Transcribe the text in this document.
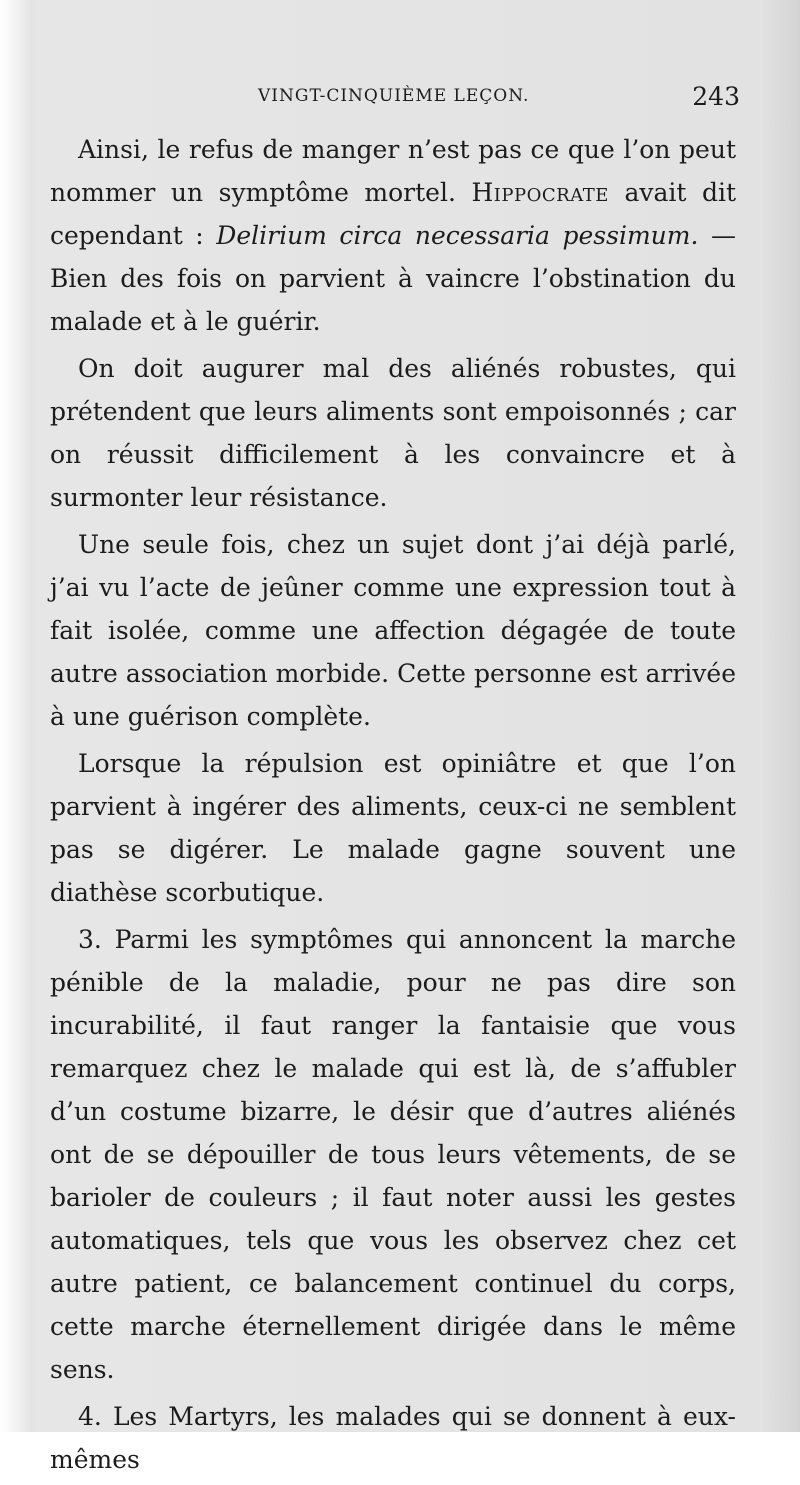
VINGT-CINQUIÈME LEÇON.	243

Ainsi, le refus de manger n’est pas ce que l’on peut nommer un symptôme mortel. Hippocrate avait dit cependant : Delirium circa necessaria pessimum. — Bien des fois on parvient à vaincre l’obstination du malade et à le guérir.

On doit augurer mal des aliénés robustes, qui prétendent que leurs aliments sont empoisonnés ; car on réussit difficilement à les convaincre et à surmonter leur résistance.

Une seule fois, chez un sujet dont j’ai déjà parlé, j’ai vu l’acte de jeûner comme une expression tout à fait isolée, comme une affection dégagée de toute autre association morbide. Cette personne est arrivée à une guérison complète.

Lorsque la répulsion est opiniâtre et que l’on parvient à ingérer des aliments, ceux-ci ne semblent pas se digérer. Le malade gagne souvent une diathèse scorbutique.

3. Parmi les symptômes qui annoncent la marche pénible de la maladie, pour ne pas dire son incurabilité, il faut ranger la fantaisie que vous remarquez chez le malade qui est là, de s’affubler d’un costume bizarre, le désir que d’autres aliénés ont de se dépouiller de tous leurs vêtements, de se barioler de couleurs ; il faut noter aussi les gestes automatiques, tels que vous les observez chez cet autre patient, ce balancement continuel du corps, cette marche éternellement dirigée dans le même sens.

4. Les Martyrs, les malades qui se donnent à eux-mêmes
